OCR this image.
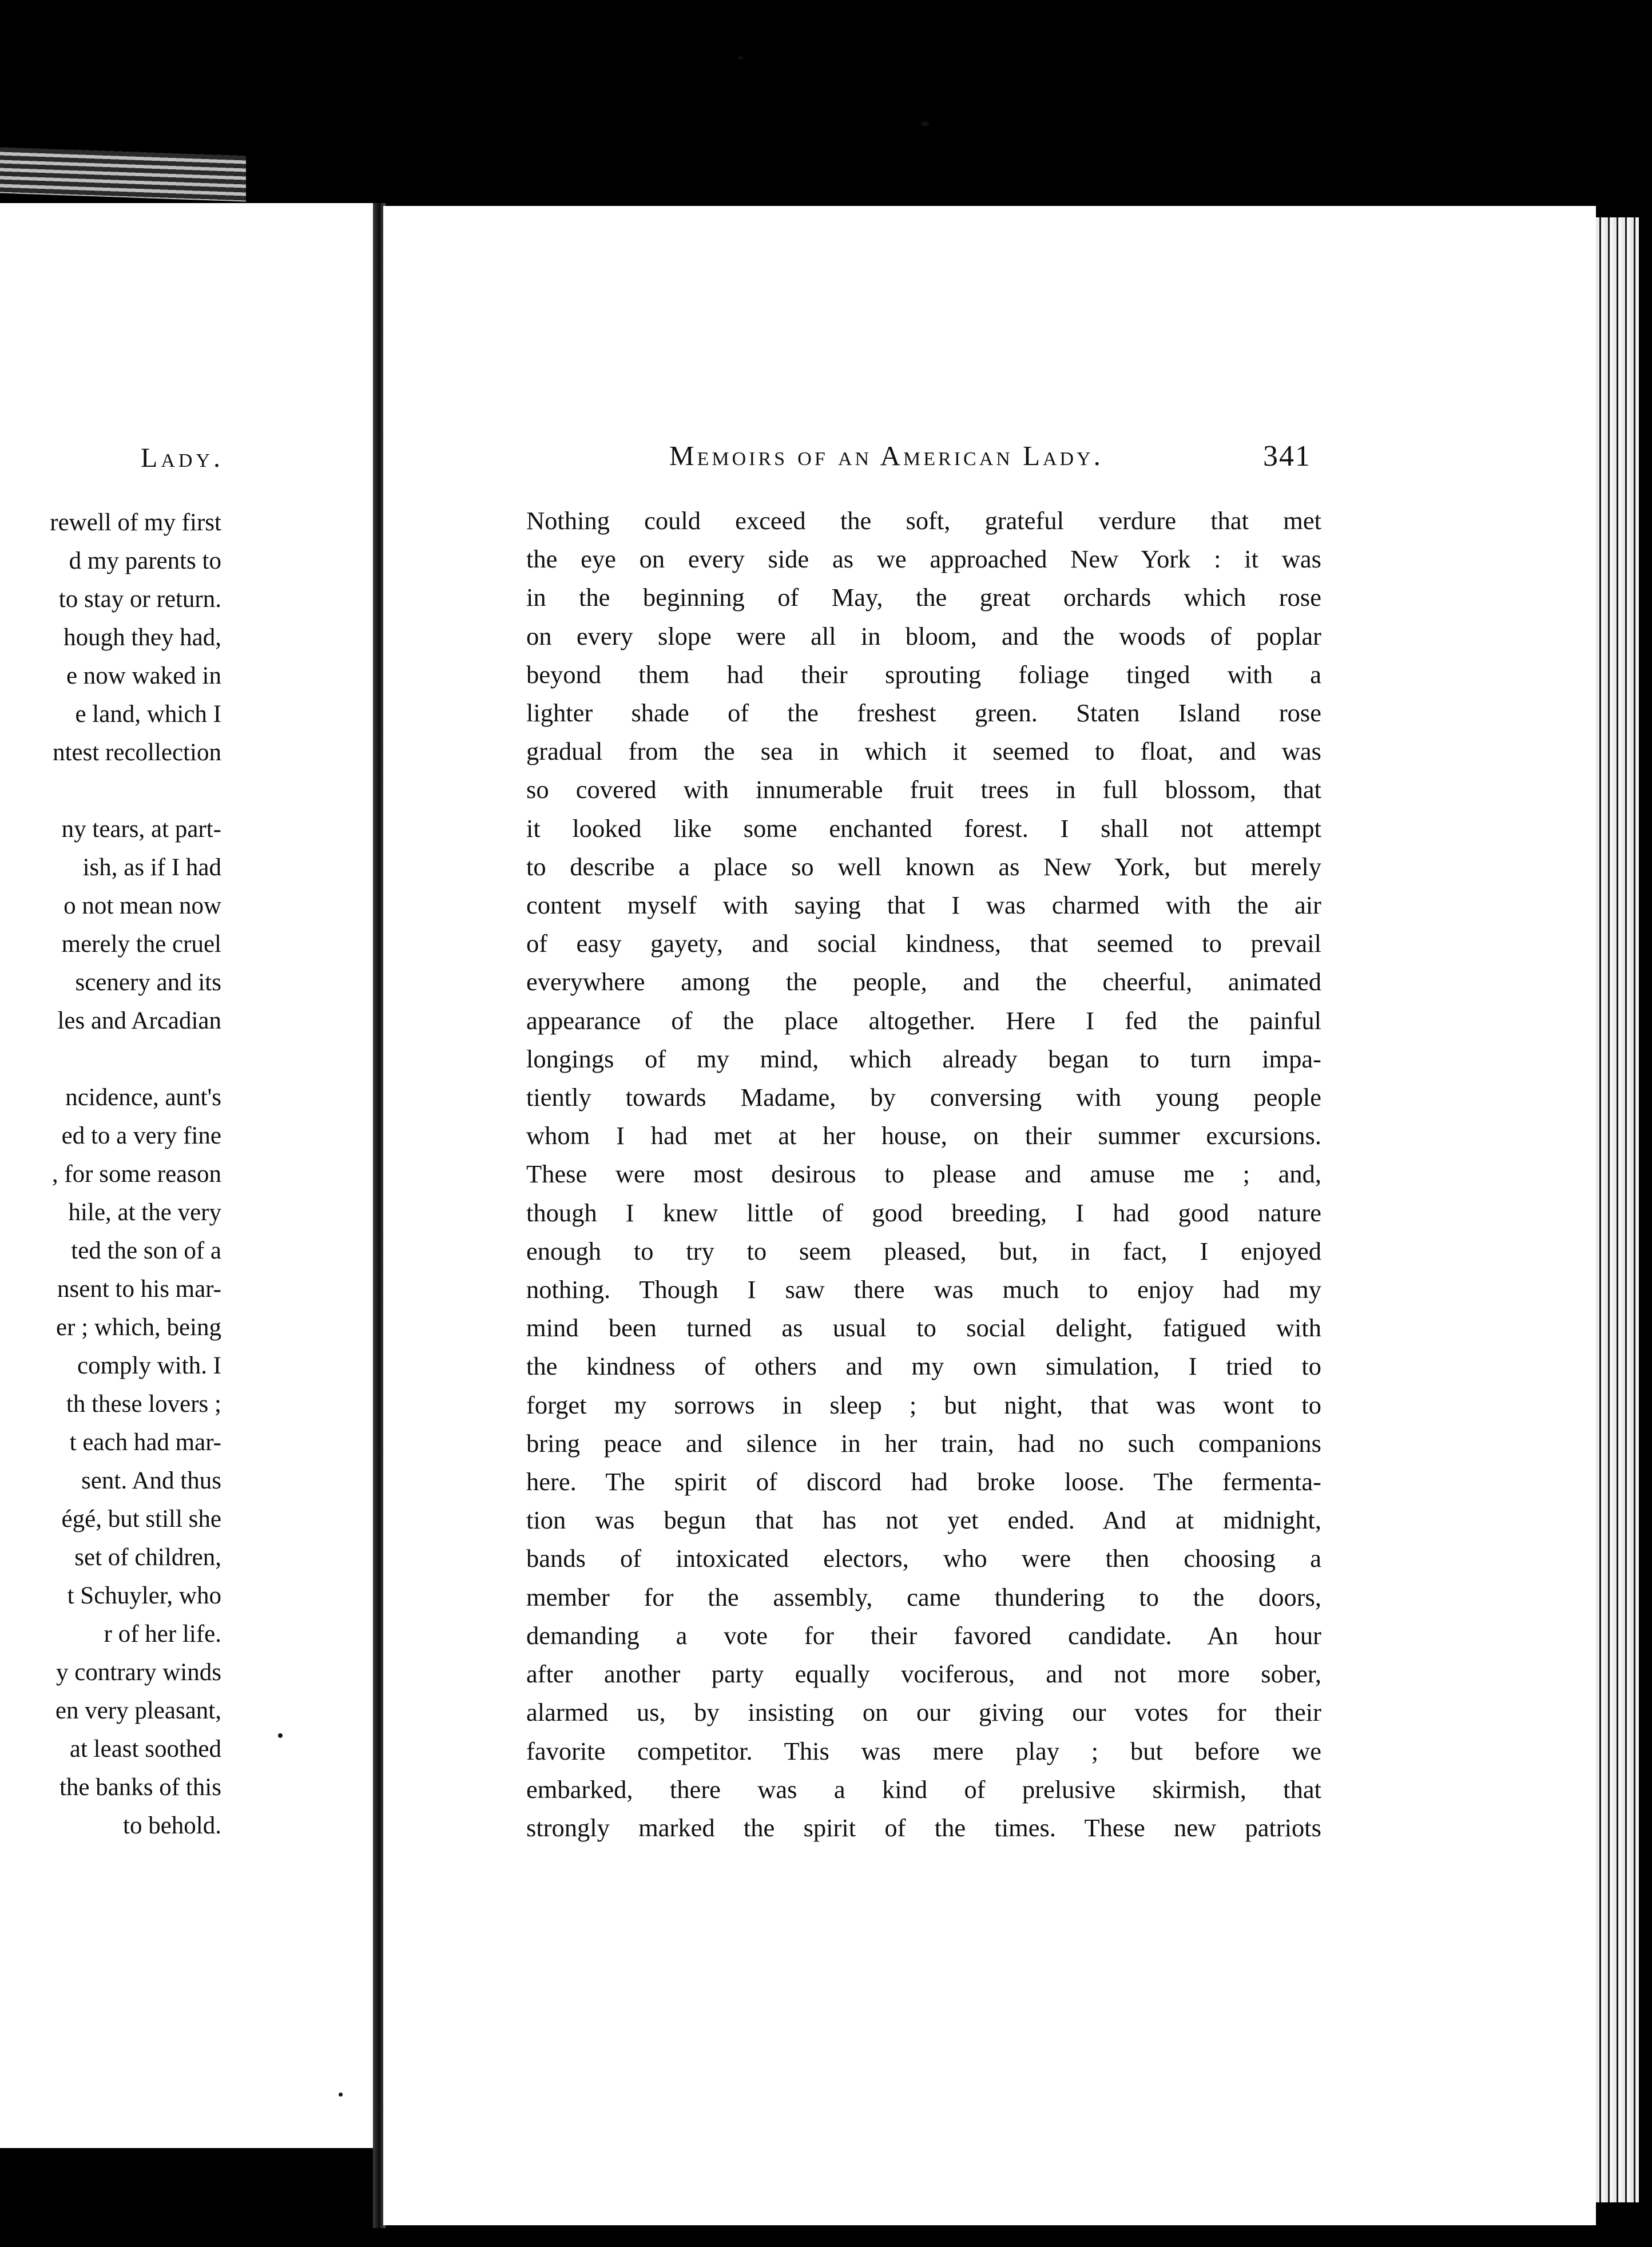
Lady.
rewell of my first
d my parents to
to stay or return.
hough they had,
e now waked in
e land, which I
ntest recollection
ny tears, at part-
ish, as if I had
o not mean now
merely the cruel
scenery and its
les and Arcadian
ncidence, aunt's
ed to a very fine
, for some reason
hile, at the very
ted the son of a
nsent to his mar-
er ; which, being
comply with. I
th these lovers ;
t each had mar-
sent. And thus
égé, but still she
set of children,
t Schuyler, who
r of her life.
y contrary winds
en very pleasant,
at least soothed
the banks of this
to behold.
Memoirs of an American Lady.	341
Nothing could exceed the soft, grateful verdure that met
the eye on every side as we approached New York : it was
in the beginning of May, the great orchards which rose
on every slope were all in bloom, and the woods of poplar
beyond them had their sprouting foliage tinged with a
lighter shade of the freshest green. Staten Island rose
gradual from the sea in which it seemed to float, and was
so covered with innumerable fruit trees in full blossom, that
it looked like some enchanted forest. I shall not attempt
to describe a place so well known as New York, but merely
content myself with saying that I was charmed with the air
of easy gayety, and social kindness, that seemed to prevail
everywhere among the people, and the cheerful, animated
appearance of the place altogether. Here I fed the painful
longings of my mind, which already began to turn impa-
tiently towards Madame, by conversing with young people
whom I had met at her house, on their summer excursions.
These were most desirous to please and amuse me ; and,
though I knew little of good breeding, I had good nature
enough to try to seem pleased, but, in fact, I enjoyed
nothing. Though I saw there was much to enjoy had my
mind been turned as usual to social delight, fatigued with
the kindness of others and my own simulation, I tried to
forget my sorrows in sleep ; but night, that was wont to
bring peace and silence in her train, had no such companions
here. The spirit of discord had broke loose. The fermenta-
tion was begun that has not yet ended. And at midnight,
bands of intoxicated electors, who were then choosing a
member for the assembly, came thundering to the doors,
demanding a vote for their favored candidate. An hour
after another party equally vociferous, and not more sober,
alarmed us, by insisting on our giving our votes for their
favorite competitor. This was mere play ; but before we
embarked, there was a kind of prelusive skirmish, that
strongly marked the spirit of the times. These new patriots
